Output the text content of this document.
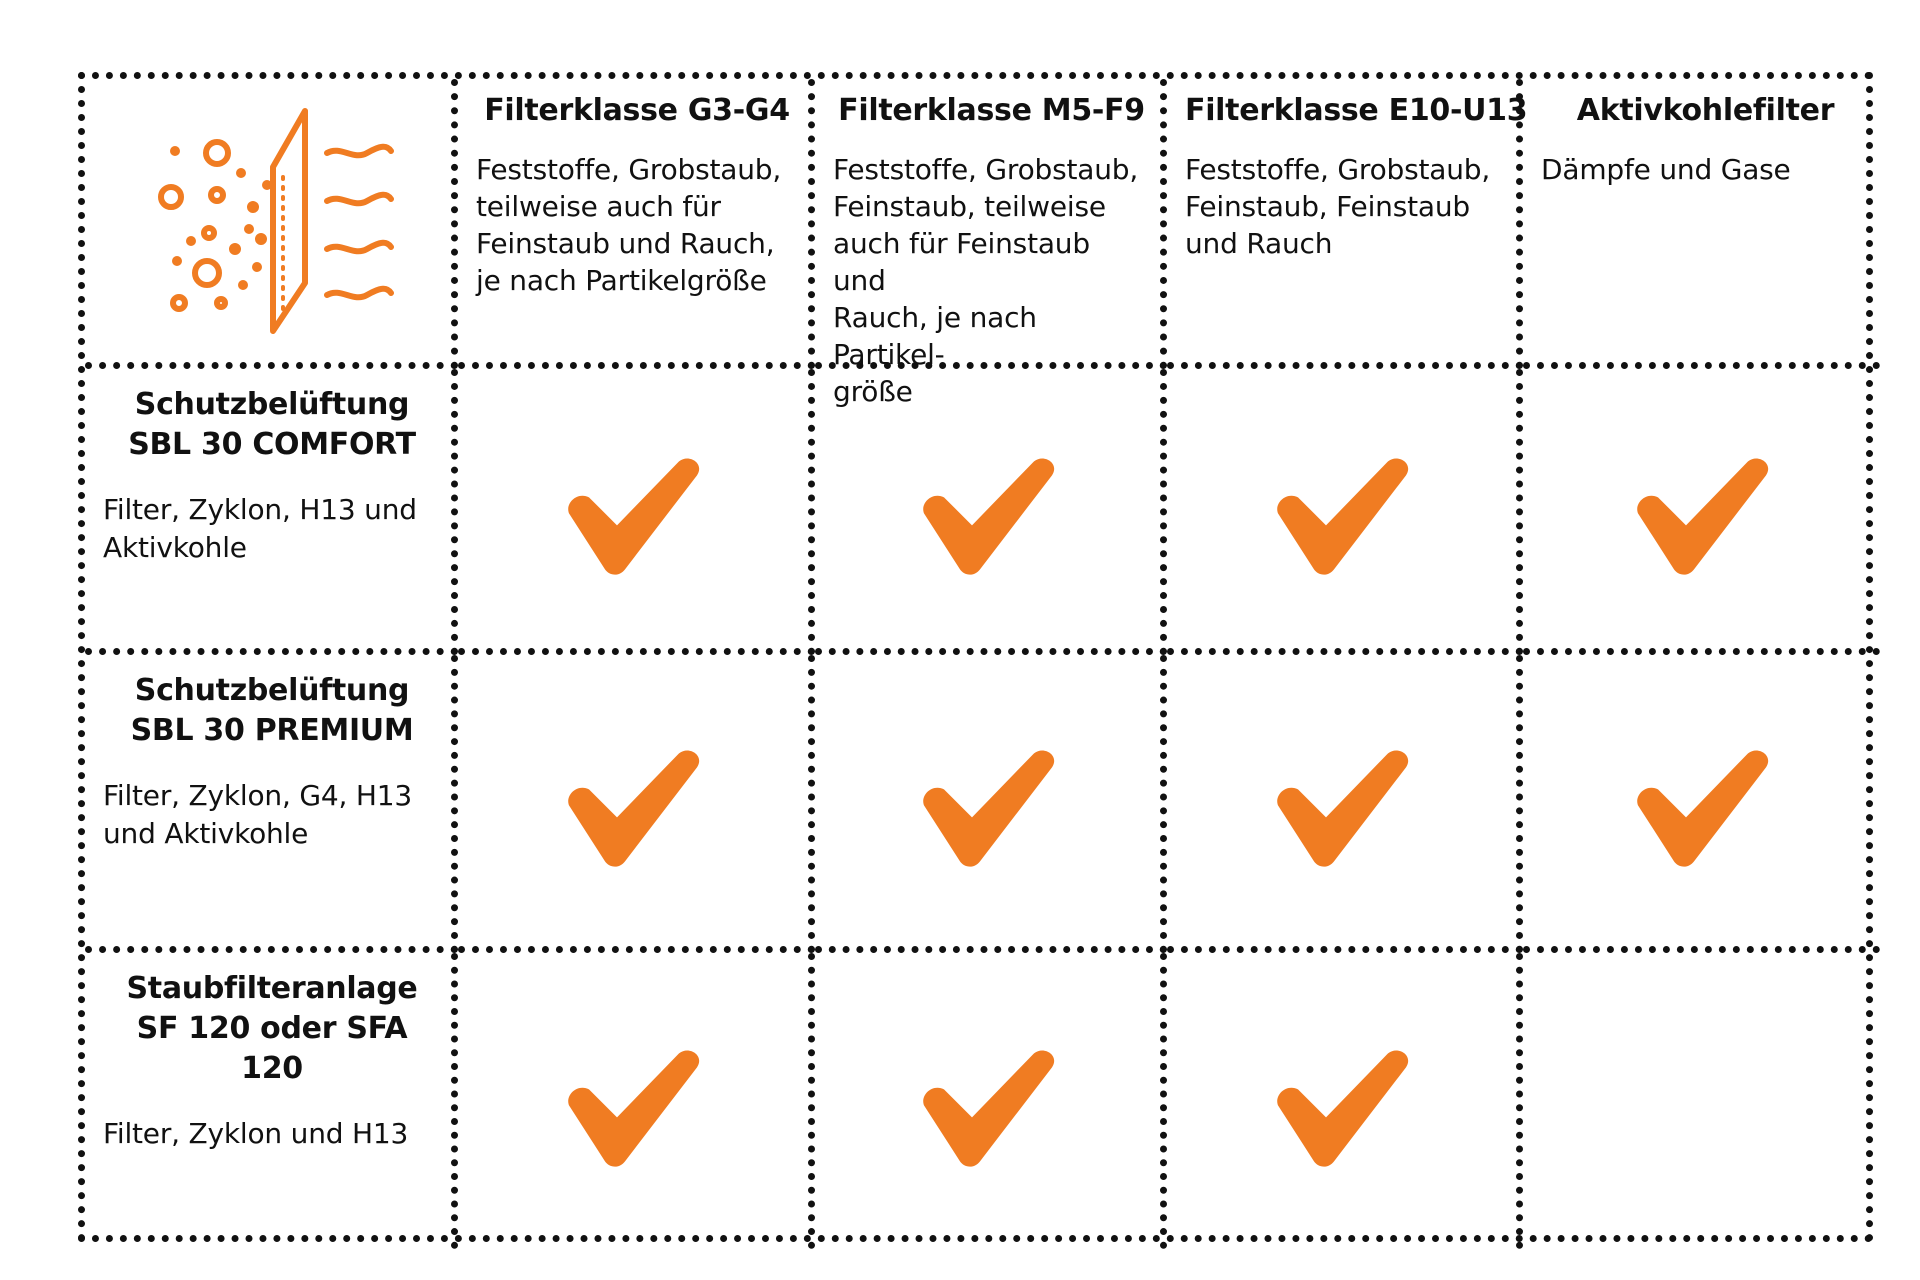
Filterklasse G3-G4
Feststoffe, Grobstaub,
teilweise auch für
Feinstaub und Rauch,
je nach Partikelgröße
Filterklasse M5-F9
Feststoffe, Grobstaub,
Feinstaub, teilweise
auch für Feinstaub und
Rauch, je nach Partikel-
größe
Filterklasse E10-U13
Feststoffe, Grobstaub,
Feinstaub, Feinstaub
und Rauch
Aktivkohlefilter
Dämpfe und Gase
Schutzbelüftung
SBL 30 COMFORT
Filter, Zyklon, H13 und
Aktivkohle
Schutzbelüftung
SBL 30 PREMIUM
Filter, Zyklon, G4, H13
und Aktivkohle
Staubfilteranlage
SF 120 oder SFA 120
Filter, Zyklon und H13
